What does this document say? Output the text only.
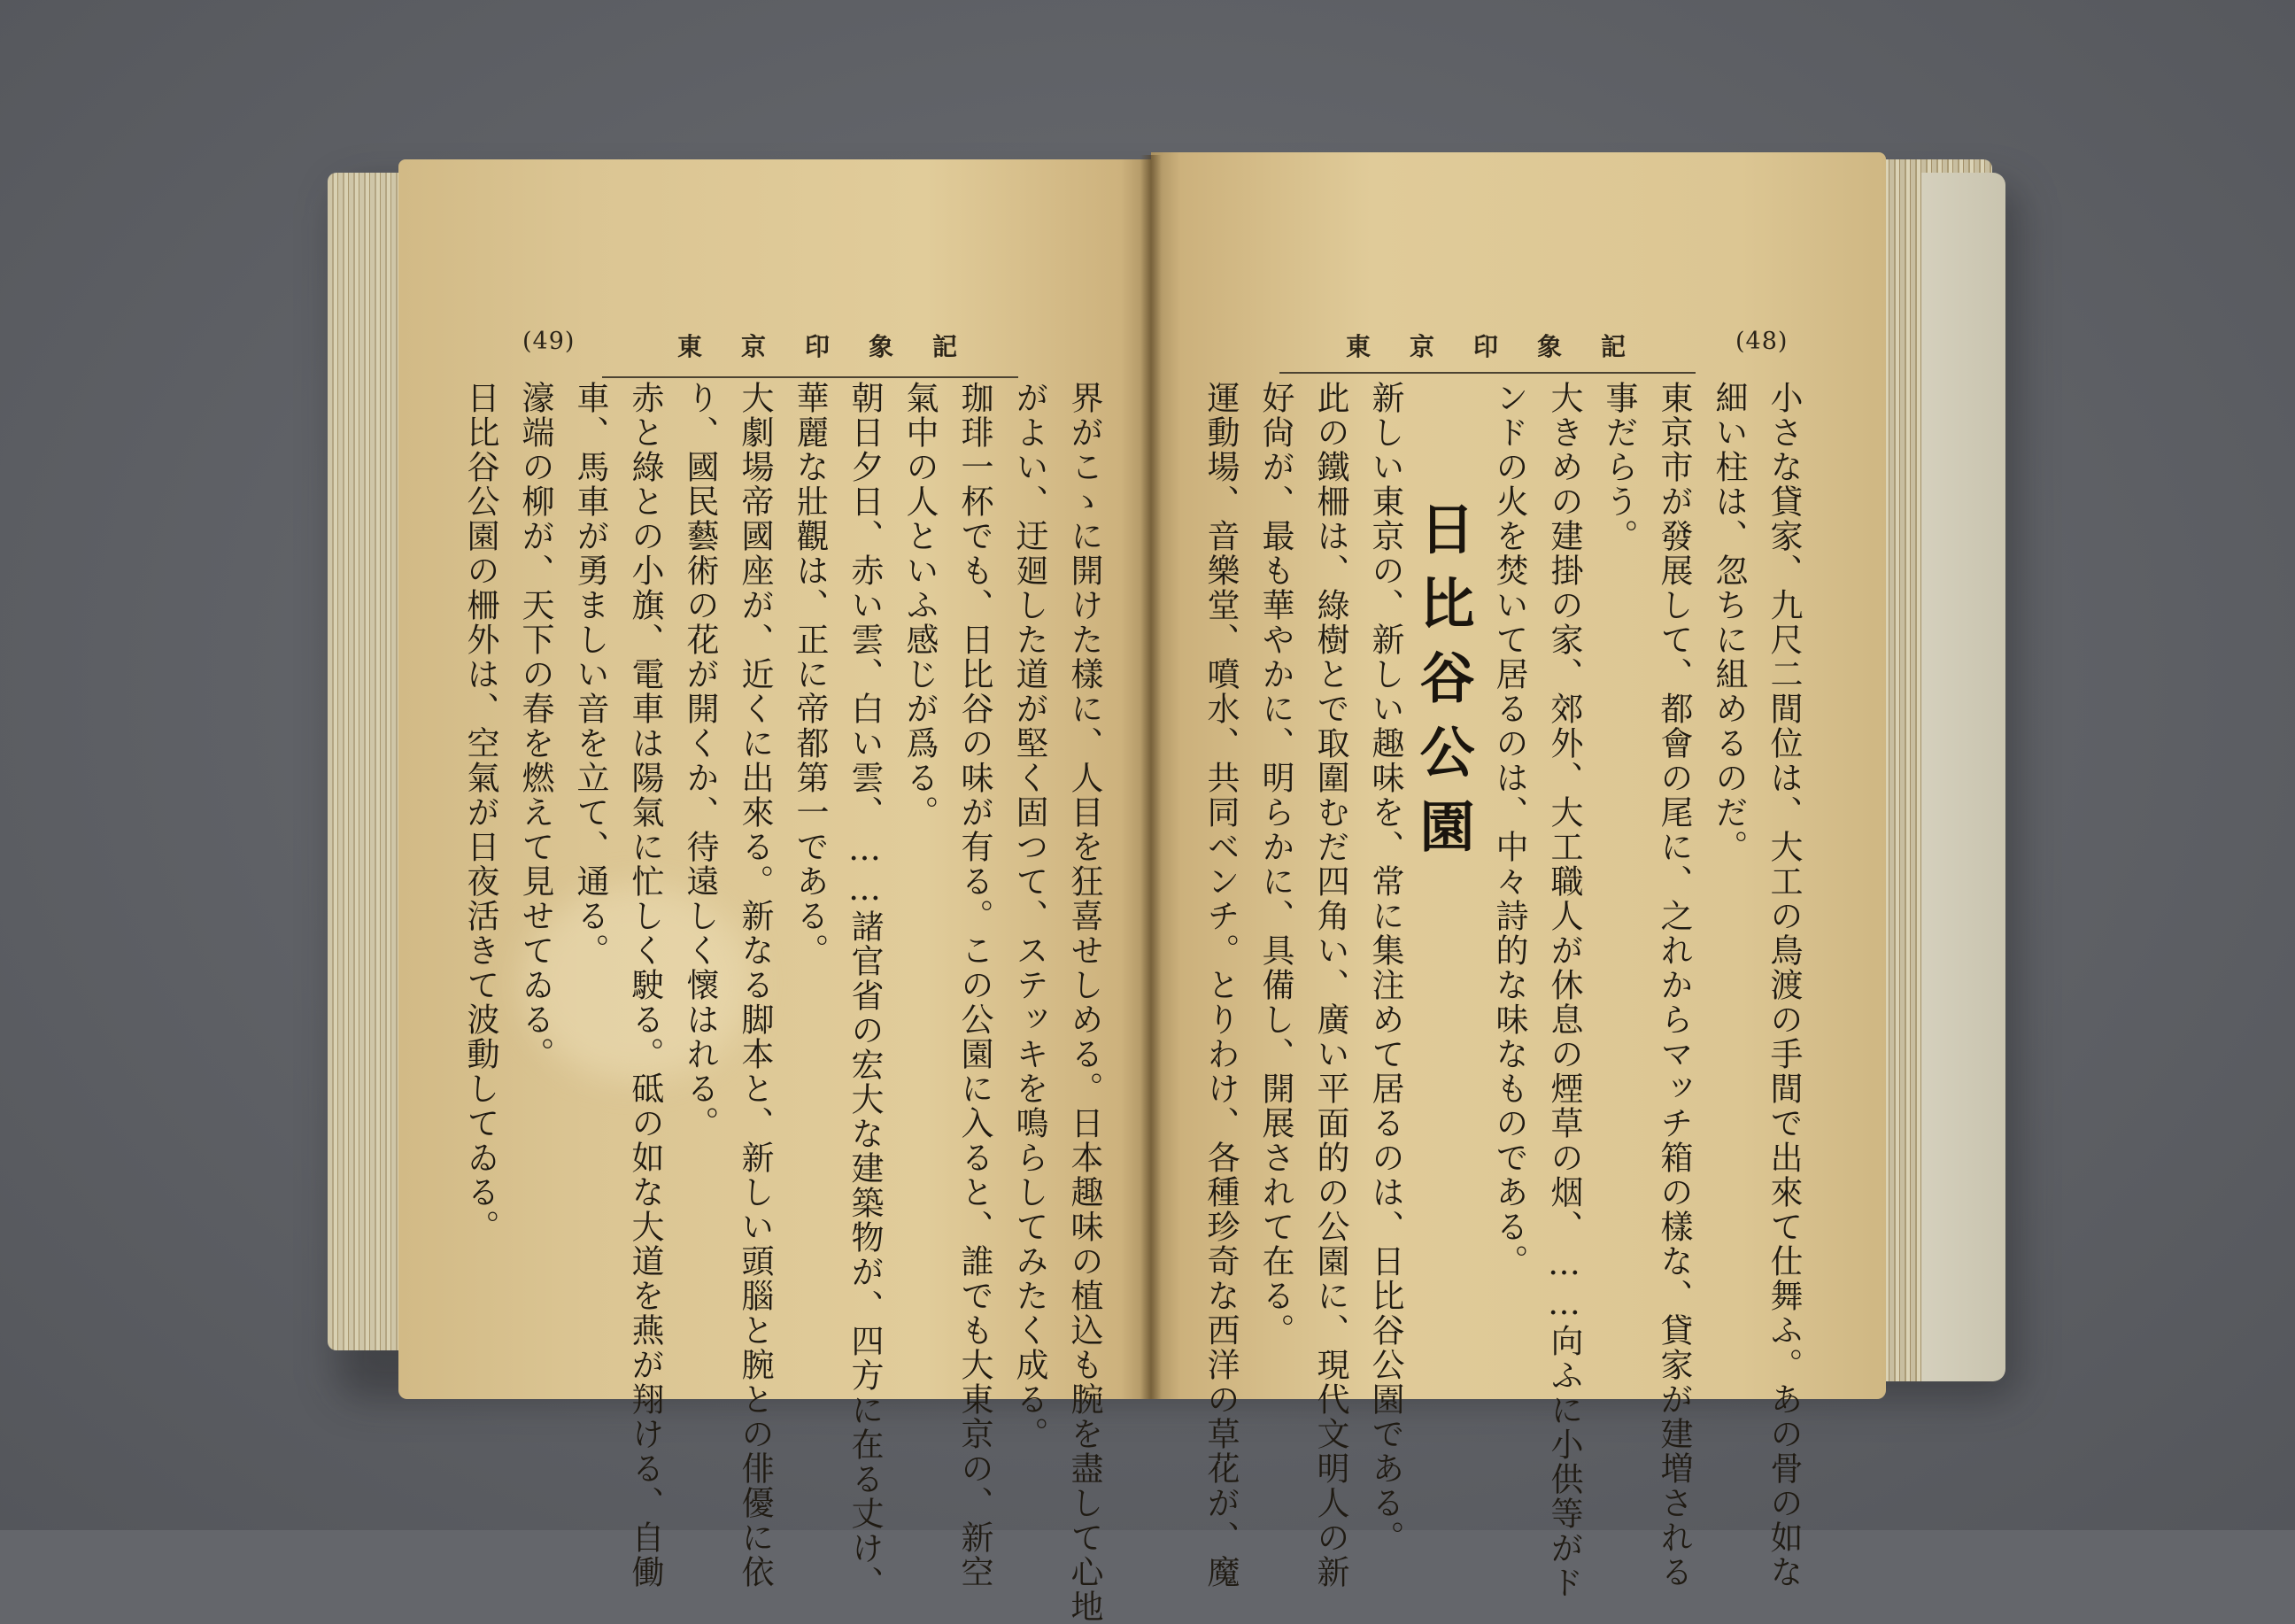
(49)	東京印象記	東京印象記	(48)
界がこゝに開けた樣に、人目を狂喜せしめる。日本趣味の植込も腕を盡して心地
がよい、迂廻した道が堅く固つて、ステッキを鳴らしてみたく成る。
珈琲一杯でも、日比谷の味が有る。この公園に入ると、誰でも大東京の、新空
氣中の人といふ感じが爲る。
朝日夕日、赤い雲、白い雲、……諸官省の宏大な建築物が、四方に在る丈け、
華麗な壯觀は、正に帝都第一である。
大劇場帝國座が、近くに出來る。新なる脚本と、新しい頭腦と腕との俳優に依
り、國民藝術の花が開くか、待遠しく懷はれる。
赤と綠との小旗、電車は陽氣に忙しく駛る。砥の如な大道を燕が翔ける、自働
車、馬車が勇ましい音を立て、通る。
濠端の柳が、天下の春を燃えて見せてゐる。
日比谷公園の柵外は、空氣が日夜活きて波動してゐる。	小さな貸家、九尺二間位は、大工の鳥渡の手間で出來て仕舞ふ。あの骨の如な
細い柱は、忽ちに組めるのだ。
東京市が發展して、都會の尾に、之れからマッチ箱の樣な、貸家が建増される
事だらう。
大きめの建掛の家、郊外、大工職人が休息の煙草の烟、……向ふに小供等がド
ンドの火を焚いて居るのは、中々詩的な味なものである。
日比谷公園
新しい東京の、新しい趣味を、常に集注めて居るのは、日比谷公園である。
此の鐵柵は、綠樹とで取圍むだ四角い、廣い平面的の公園に、現代文明人の新
好尙が、最も華やかに、明らかに、具備し、開展されて在る。
運動場、音樂堂、噴水、共同ベンチ。とりわけ、各種珍奇な西洋の草花が、魔
